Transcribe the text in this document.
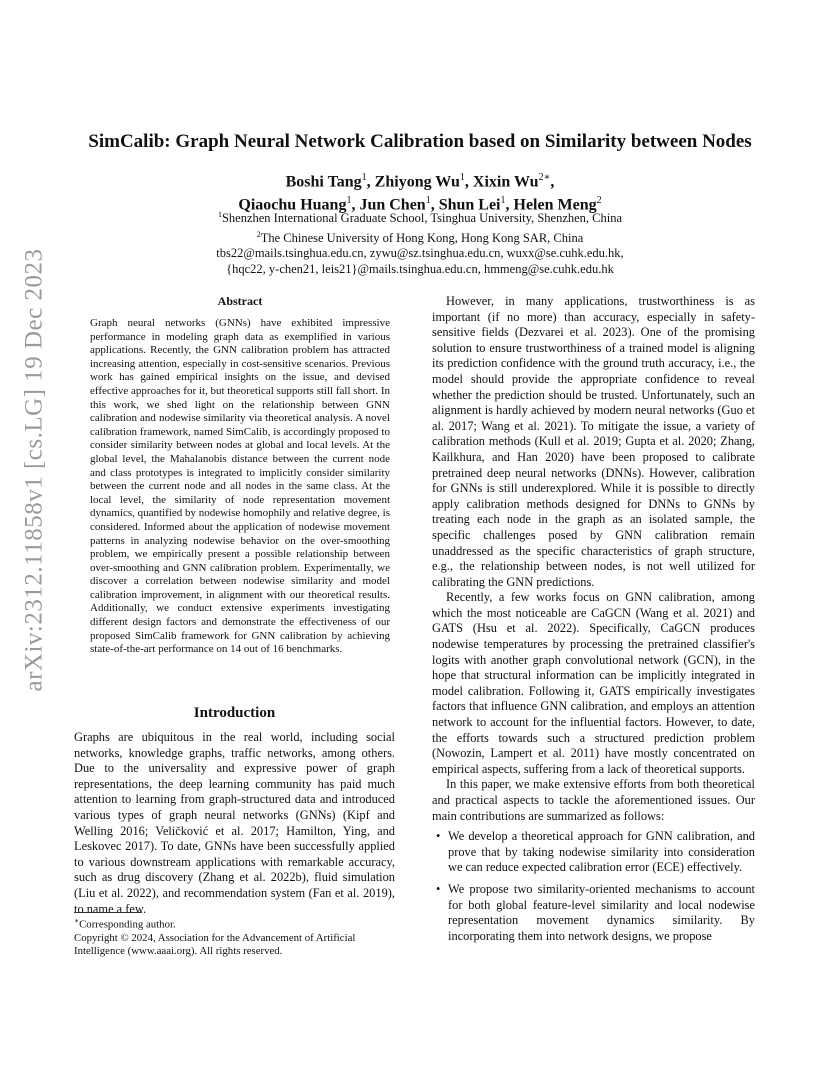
arXiv:2312.11858v1 [cs.LG] 19 Dec 2023
SimCalib: Graph Neural Network Calibration based on Similarity between Nodes
Boshi Tang$^1$, Zhiyong Wu$^1$, Xixin $Wu^{2∗}$,
Qiaochu Huang$^1$, Jun Chen$^1$, Shun Lei$^1$, Helen Meng$^2$
$^1$Shenzhen International Graduate School, Tsinghua University, Shenzhen, China
$^2$The Chinese University of Hong Kong, Hong Kong SAR, China
tbs22@mails.tsinghua.edu.cn, zywu@sz.tsinghua.edu.cn, wuxx@se.cuhk.edu.hk,
{hqc22, y-chen21, leis21}@mails.tsinghua.edu.cn, hmmeng@se.cuhk.edu.hk
Abstract

Graph neural networks (GNNs) have exhibited impressive performance in modeling graph data as exemplified in various applications. Recently, the GNN calibration problem has attracted increasing attention, especially in cost-sensitive scenarios. Previous work has gained empirical insights on the issue, and devised effective approaches for it, but theoretical supports still fall short. In this work, we shed light on the relationship between GNN calibration and nodewise similarity via theoretical analysis. A novel calibration framework, named SimCalib, is accordingly proposed to consider similarity between nodes at global and local levels. At the global level, the Mahalanobis distance between the current node and class prototypes is integrated to implicitly consider similarity between the current node and all nodes in the same class. At the local level, the similarity of node representation movement dynamics, quantified by nodewise homophily and relative degree, is considered. Informed about the application of nodewise movement patterns in analyzing nodewise behavior on the over-smoothing problem, we empirically present a possible relationship between over-smoothing and GNN calibration problem. Experimentally, we discover a correlation between nodewise similarity and model calibration improvement, in alignment with our theoretical results. Additionally, we conduct extensive experiments investigating different design factors and demonstrate the effectiveness of our proposed SimCalib framework for GNN calibration by achieving state-of-the-art performance on 14 out of 16 benchmarks.

Introduction

Graphs are ubiquitous in the real world, including social networks, knowledge graphs, traffic networks, among others. Due to the universality and expressive power of graph representations, the deep learning community has paid much attention to learning from graph-structured data and introduced various types of graph neural networks (GNNs) (Kipf and Welling 2016; Veličković et al. 2017; Hamilton, Ying, and Leskovec 2017). To date, GNNs have been successfully applied to various downstream applications with remarkable accuracy, such as drug discovery (Zhang et al. 2022b), fluid simulation (Liu et al. 2022), and recommendation system (Fan et al. 2019), to name a few.

∗Corresponding author.

Copyright © 2024, Association for the Advancement of Artificial Intelligence (www.aaai.org). All rights reserved.

However, in many applications, trustworthiness is as important (if no more) than accuracy, especially in safety-sensitive fields (Dezvarei et al. 2023). One of the promising solution to ensure trustworthiness of a trained model is aligning its prediction confidence with the ground truth accuracy, i.e., the model should provide the appropriate confidence to reveal whether the prediction should be trusted. Unfortunately, such an alignment is hardly achieved by modern neural networks (Guo et al. 2017; Wang et al. 2021). To mitigate the issue, a variety of calibration methods (Kull et al. 2019; Gupta et al. 2020; Zhang, Kailkhura, and Han 2020) have been proposed to calibrate pretrained deep neural networks (DNNs). However, calibration for GNNs is still underexplored. While it is possible to directly apply calibration methods designed for DNNs to GNNs by treating each node in the graph as an isolated sample, the specific challenges posed by GNN calibration remain unaddressed as the specific characteristics of graph structure, e.g., the relationship between nodes, is not well utilized for calibrating the GNN predictions.

Recently, a few works focus on GNN calibration, among which the most noticeable are CaGCN (Wang et al. 2021) and GATS (Hsu et al. 2022). Specifically, CaGCN produces nodewise temperatures by processing the pretrained classifier's logits with another graph convolutional network (GCN), in the hope that structural information can be implicitly integrated in model calibration. Following it, GATS empirically investigates factors that influence GNN calibration, and employs an attention network to account for the influential factors. However, to date, the efforts towards such a structured prediction problem (Nowozin, Lampert et al. 2011) have mostly concentrated on empirical aspects, suffering from a lack of theoretical supports.

In this paper, we make extensive efforts from both theoretical and practical aspects to tackle the aforementioned issues. Our main contributions are summarized as follows:

• We develop a theoretical approach for GNN calibration, and prove that by taking nodewise similarity into consideration we can reduce expected calibration error (ECE) effectively.
• We propose two similarity-oriented mechanisms to account for both global feature-level similarity and local nodewise representation movement dynamics similarity. By incorporating them into network designs, we propose
